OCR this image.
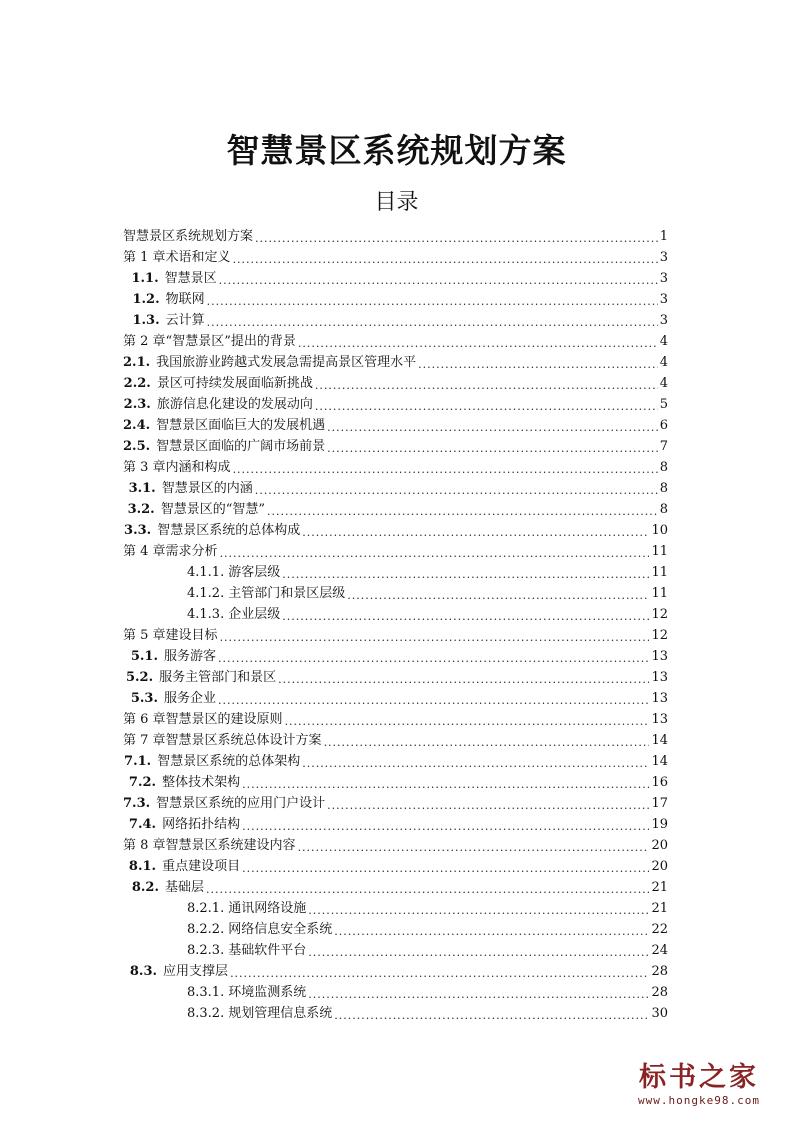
智慧景区系统规划方案
目录
智慧景区系统规划方案 .....	1
第 1 章 术语和定义 .....	3
1.1. 智慧景区 .....	3
1.2. 物联网 .....	3
1.3. 云计算 .....	3
第 2 章 “智慧景区”提出的背景 .....	4
2.1. 我国旅游业跨越式发展急需提高景区管理水平 .....	4
2.2. 景区可持续发展面临新挑战 .....	4
2.3. 旅游信息化建设的发展动向 .....	5
2.4. 智慧景区面临巨大的发展机遇 .....	6
2.5. 智慧景区面临的广阔市场前景 .....	7
第 3 章 内涵和构成 .....	8
3.1. 智慧景区的内涵 .....	8
3.2. 智慧景区的“智慧” .....	8
3.3. 智慧景区系统的总体构成 .....	10
第 4 章 需求分析 .....	11
4.1.1. 游客层级 .....	11
4.1.2. 主管部门和景区层级 .....	11
4.1.3. 企业层级 .....	12
第 5 章 建设目标 .....	12
5.1. 服务游客 .....	13
5.2. 服务主管部门和景区 .....	13
5.3. 服务企业 .....	13
第 6 章 智慧景区的建设原则 .....	13
第 7 章 智慧景区系统总体设计方案 .....	14
7.1. 智慧景区系统的总体架构 .....	14
7.2. 整体技术架构 .....	16
7.3. 智慧景区系统的应用门户设计 .....	17
7.4. 网络拓扑结构 .....	19
第 8 章 智慧景区系统建设内容 .....	20
8.1. 重点建设项目 .....	20
8.2. 基础层 .....	21
8.2.1. 通讯网络设施 .....	21
8.2.2. 网络信息安全系统 .....	22
8.2.3. 基础软件平台 .....	24
8.3. 应用支撑层 .....	28
8.3.1. 环境监测系统 .....	28
8.3.2. 规划管理信息系统 .....	30
标书之家
www.hongke98.com
